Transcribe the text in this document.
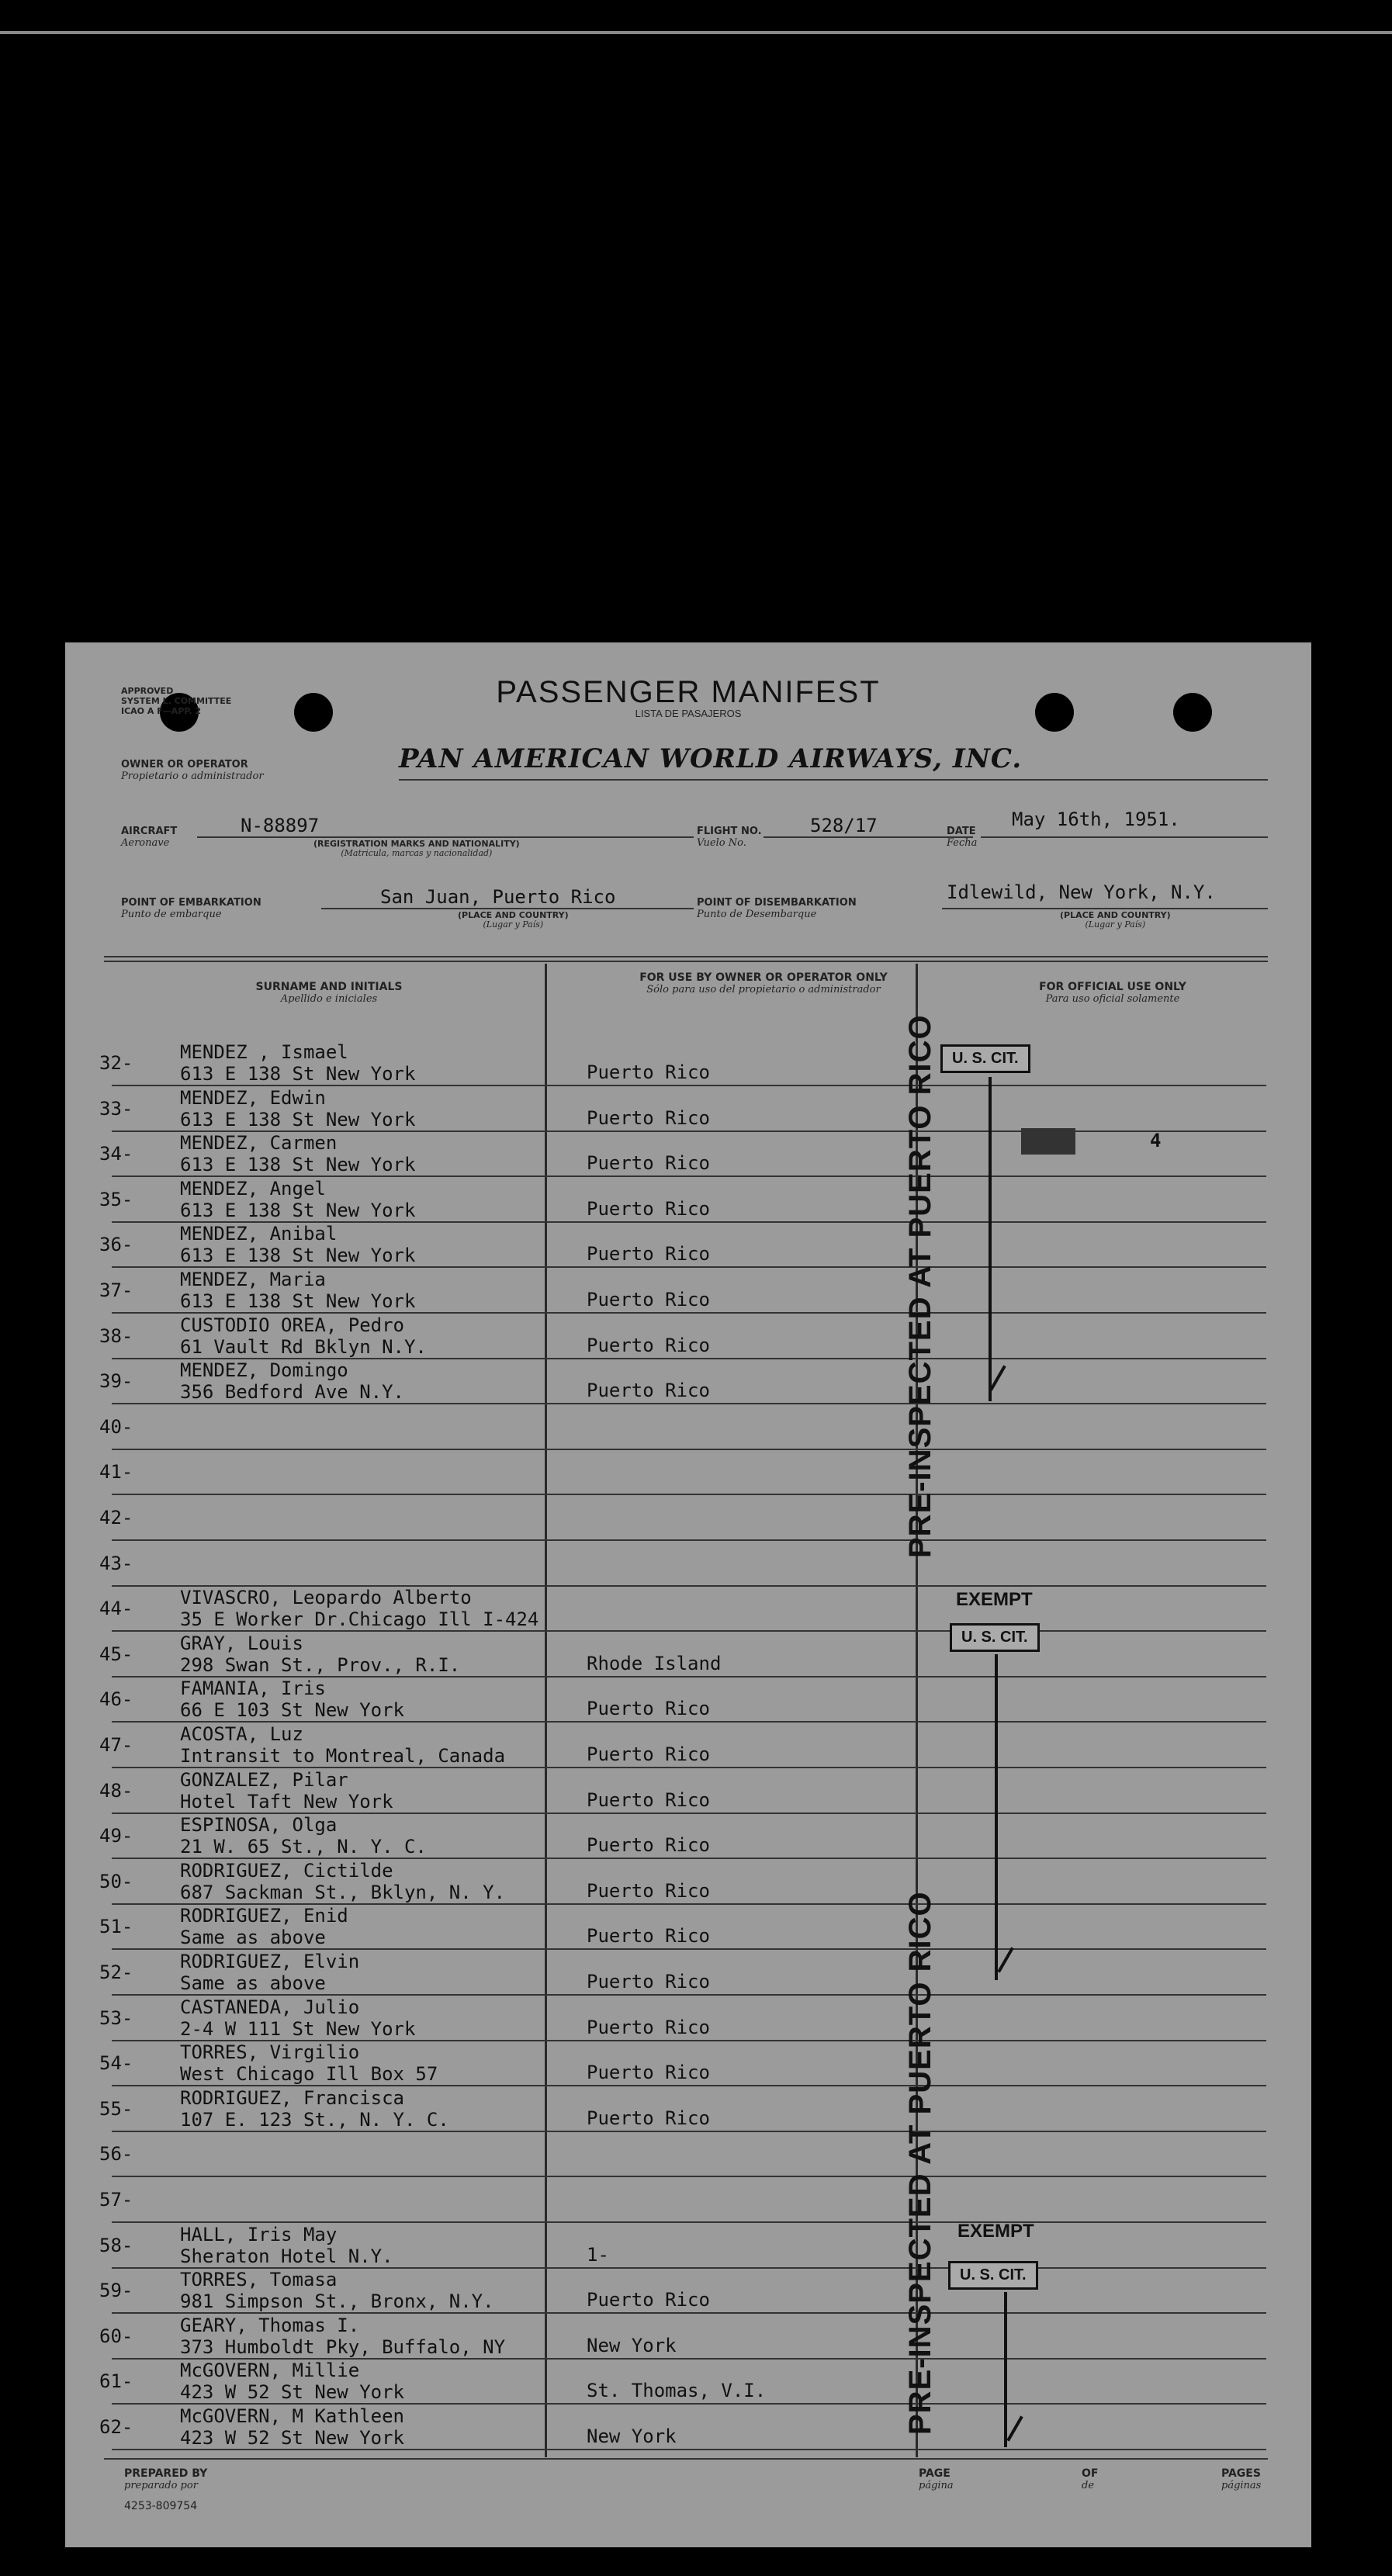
APPROVED
SYSTEM L. COMMITTEE
ICAO A F—APP. 2
PASSENGER MANIFEST
LISTA DE PASAJEROS
OWNER OR OPERATOR
Propietario o administrador
PAN AMERICAN WORLD AIRWAYS, INC.
AIRCRAFT
Aeronave
N-88897
(REGISTRATION MARKS AND NATIONALITY)
(Matricula, marcas y nacionalidad)
FLIGHT NO.
Vuelo No.
528/17	DATE
Fecha
May 16th, 1951.
POINT OF EMBARKATION
Punto de embarque
San Juan, Puerto Rico
(PLACE AND COUNTRY)
(Lugar y País)
POINT OF DISEMBARKATION
Punto de Desembarque
Idlewild, New York, N.Y.
(PLACE AND COUNTRY)
(Lugar y País)
SURNAME AND INITIALS
Apellido e iniciales
FOR USE BY OWNER OR OPERATOR ONLY
Sólo para uso del propietario o administrador	FOR OFFICIAL USE ONLY
Para uso oficial solamente
32-	MENDEZ , Ismael
613 E 138 St New York	Puerto Rico
33-	MENDEZ, Edwin
613 E 138 St New York	Puerto Rico
34-	MENDEZ, Carmen
613 E 138 St New York	Puerto Rico
35-	MENDEZ, Angel
613 E 138 St New York	Puerto Rico
36-	MENDEZ, Anibal
613 E 138 St New York	Puerto Rico
37-	MENDEZ, Maria
613 E 138 St New York	Puerto Rico
38-	CUSTODIO OREA, Pedro
61 Vault Rd Bklyn N.Y.	Puerto Rico
39-	MENDEZ, Domingo
356 Bedford Ave N.Y.	Puerto Rico
40-
41-
42-
43-
44-	VIVASCRO, Leopardo Alberto
35 E Worker Dr.Chicago Ill I-424
45-	GRAY, Louis
298 Swan St., Prov., R.I.	Rhode Island
46-	FAMANIA, Iris
66 E 103 St New York	Puerto Rico
47-	ACOSTA, Luz
Intransit to Montreal, Canada	Puerto Rico
48-	GONZALEZ, Pilar
Hotel Taft New York	Puerto Rico
49-	ESPINOSA, Olga
21 W. 65 St., N. Y. C.	Puerto Rico
50-	RODRIGUEZ, Cictilde
687 Sackman St., Bklyn, N. Y.	Puerto Rico
51-	RODRIGUEZ, Enid
Same as above	Puerto Rico
52-	RODRIGUEZ, Elvin
Same as above	Puerto Rico
53-	CASTANEDA, Julio
2-4 W 111 St New York	Puerto Rico
54-	TORRES, Virgilio
West Chicago Ill Box 57	Puerto Rico
55-	RODRIGUEZ, Francisca
107 E. 123 St., N. Y. C.	Puerto Rico
56-
57-
58-	HALL, Iris May
Sheraton Hotel N.Y.	1-
59-	TORRES, Tomasa
981 Simpson St., Bronx, N.Y.	Puerto Rico
60-	GEARY, Thomas I.
373 Humboldt Pky, Buffalo, NY	New York
61-	McGOVERN, Millie
423 W 52 St New York	St. Thomas, V.I.
62-	McGOVERN, M Kathleen
423 W 52 St New York	New York
PRE-INSPECTED AT PUERTO RICO
PRE-INSPECTED AT PUERTO RICO
U. S. CIT.
4
EXEMPT
U. S. CIT.
EXEMPT
U. S. CIT.
PREPARED BY
preparado por
4253-809754
PAGE
página
OF
de
PAGES
páginas
